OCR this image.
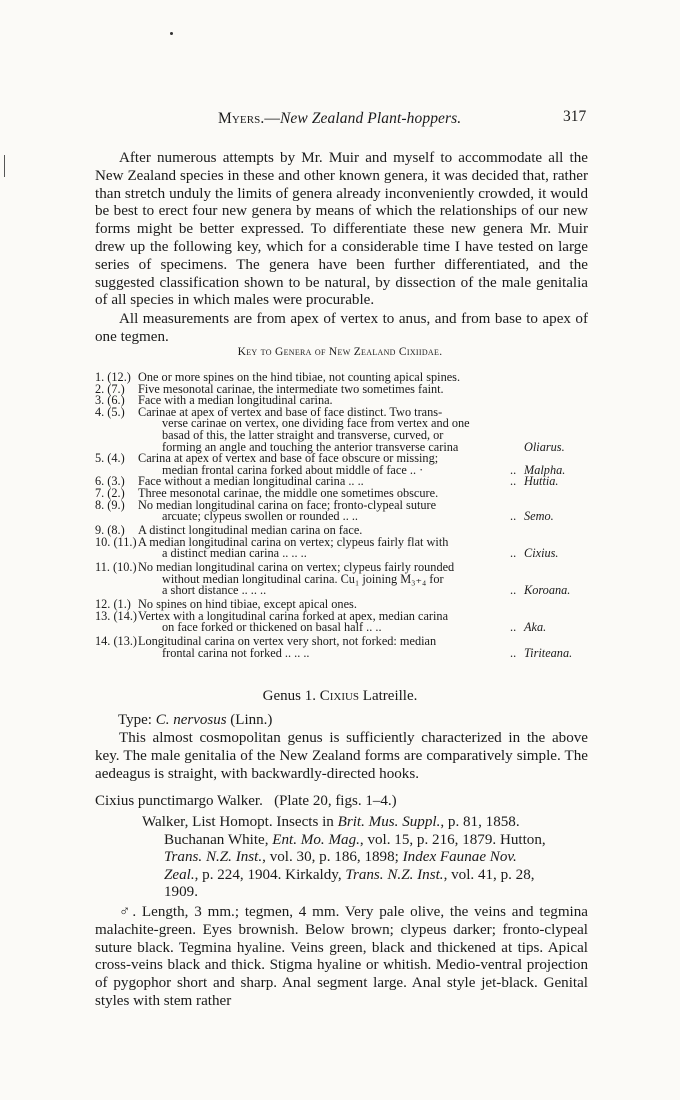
Myers.—New Zealand Plant-hoppers.	317

After numerous attempts by Mr. Muir and myself to accommodate all the New Zealand species in these and other known genera, it was decided that, rather than stretch unduly the limits of genera already inconveniently crowded, it would be best to erect four new genera by means of which the relationships of our new forms might be better expressed. To differentiate these new genera Mr. Muir drew up the following key, which for a considerable time I have tested on large series of specimens. The genera have been further differentiated, and the suggested classification shown to be natural, by dissection of the male genitalia of all species in which males were procurable.

All measurements are from apex of vertex to anus, and from base to apex of one tegmen.

Key to Genera of New Zealand Cixiidae.
1. (12.) One or more spines on the hind tibiae, not counting apical spines.
2. (7.)	Five mesonotal carinae, the intermediate two sometimes faint.
3. (6.)	Face with a median longitudinal carina.
4. (5.)	Carinae at apex of vertex and base of face distinct. Two trans-
verse carinae on vertex, one dividing face from vertex and one
basad of this, the latter straight and transverse, curved, or
forming an angle and touching the anterior transverse carina	Oliarus.
5. (4.)	Carina at apex of vertex and base of face obscure or missing;
median frontal carina forked about middle of face .. ·	.. Malpha.
6. (3.)	Face without a median longitudinal carina .. ..	.. Huttia.
7. (2.)	Three mesonotal carinae, the middle one sometimes obscure.
8. (9.)	No median longitudinal carina on face; fronto-clypeal suture
arcuate; clypeus swollen or rounded .. ..	.. Semo.
9. (8.)	A distinct longitudinal median carina on face.
10. (11.) A median longitudinal carina on vertex; clypeus fairly flat with
a distinct median carina .. .. ..	.. Cixius.
11. (10.) No median longitudinal carina on vertex; clypeus fairly rounded
without median longitudinal carina. Cu₁ joining M₃₊₄ for
a short distance .. .. ..	.. Koroana.
12. (1.) No spines on hind tibiae, except apical ones.
13. (14.) Vertex with a longitudinal carina forked at apex, median carina
on face forked or thickened on basal half .. ..	.. Aka.
14. (13.) Longitudinal carina on vertex very short, not forked: median
frontal carina not forked .. .. ..	.. Tiriteana.
Genus 1. Cixius Latreille.
Type: C. nervosus (Linn.)

This almost cosmopolitan genus is sufficiently characterized in the above key. The male genitalia of the New Zealand forms are comparatively simple. The aedeagus is straight, with backwardly-directed hooks.

Cixius punctimargo Walker. (Plate 20, figs. 1–4.)
Walker, List Homopt. Insects in Brit. Mus. Suppl., p. 81, 1858.
Buchanan White, Ent. Mo. Mag., vol. 15, p. 216, 1879. Hutton,
Trans. N.Z. Inst., vol. 30, p. 186, 1898; Index Faunae Nov.
Zeal., p. 224, 1904. Kirkaldy, Trans. N.Z. Inst., vol. 41, p. 28,
1909.

♂. Length, 3 mm.; tegmen, 4 mm. Very pale olive, the veins and tegmina malachite-green. Eyes brownish. Below brown; clypeus darker; fronto-clypeal suture black. Tegmina hyaline. Veins green, black and thickened at tips. Apical cross-veins black and thick. Stigma hyaline or whitish. Medio-ventral projection of pygophor short and sharp. Anal segment large. Anal style jet-black. Genital styles with stem rather
